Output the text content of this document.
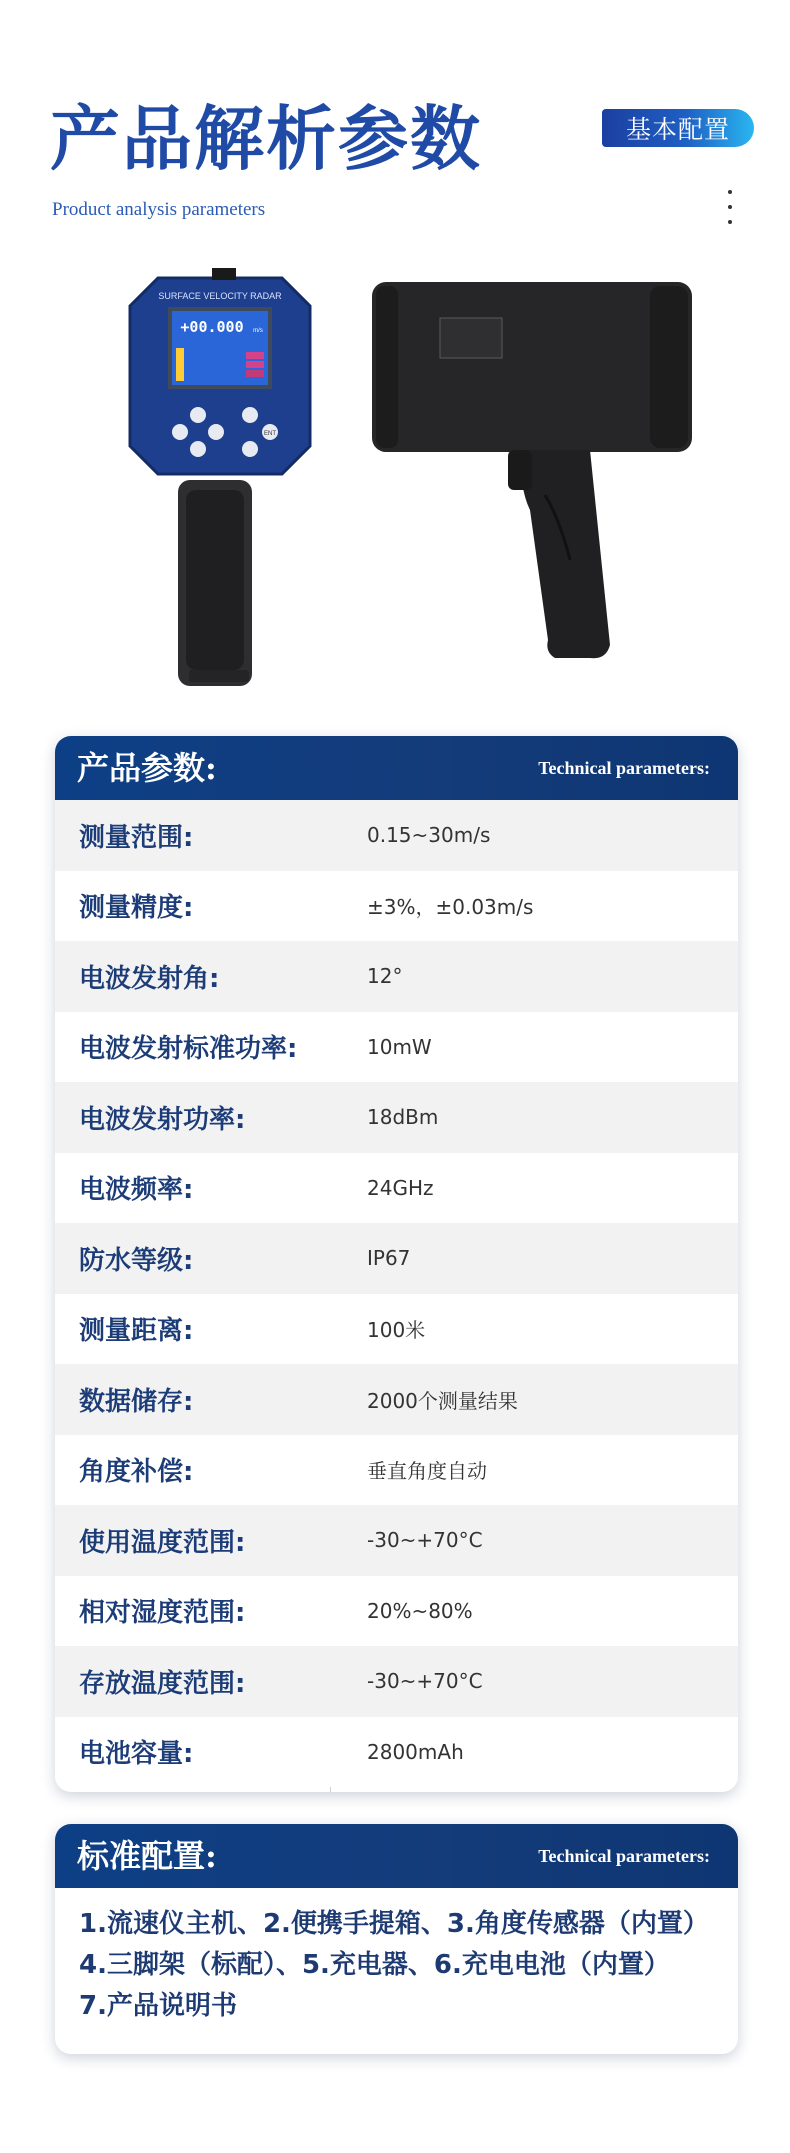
产品解析参数
Product analysis parameters
基本配置
SURFACE VELOCITY RADAR
+00.000 m/s
ENT
产品参数:	Technical parameters:
测量范围:	0.15~30m/s
测量精度:	±3%，±0.03m/s
电波发射角:	12°
电波发射标准功率:	10mW
电波发射功率:	18dBm
电波频率:	24GHz
防水等级:	IP67
测量距离:	100米
数据储存:	2000个测量结果
角度补偿:	垂直角度自动
使用温度范围:	-30~+70°C
相对湿度范围:	20%~80%
存放温度范围:	-30~+70°C
电池容量:	2800mAh
标准配置:	Technical parameters:
1.流速仪主机、2.便携手提箱、3.角度传感器（内置）
4.三脚架（标配）、5.充电器、6.充电电池（内置）
7.产品说明书
